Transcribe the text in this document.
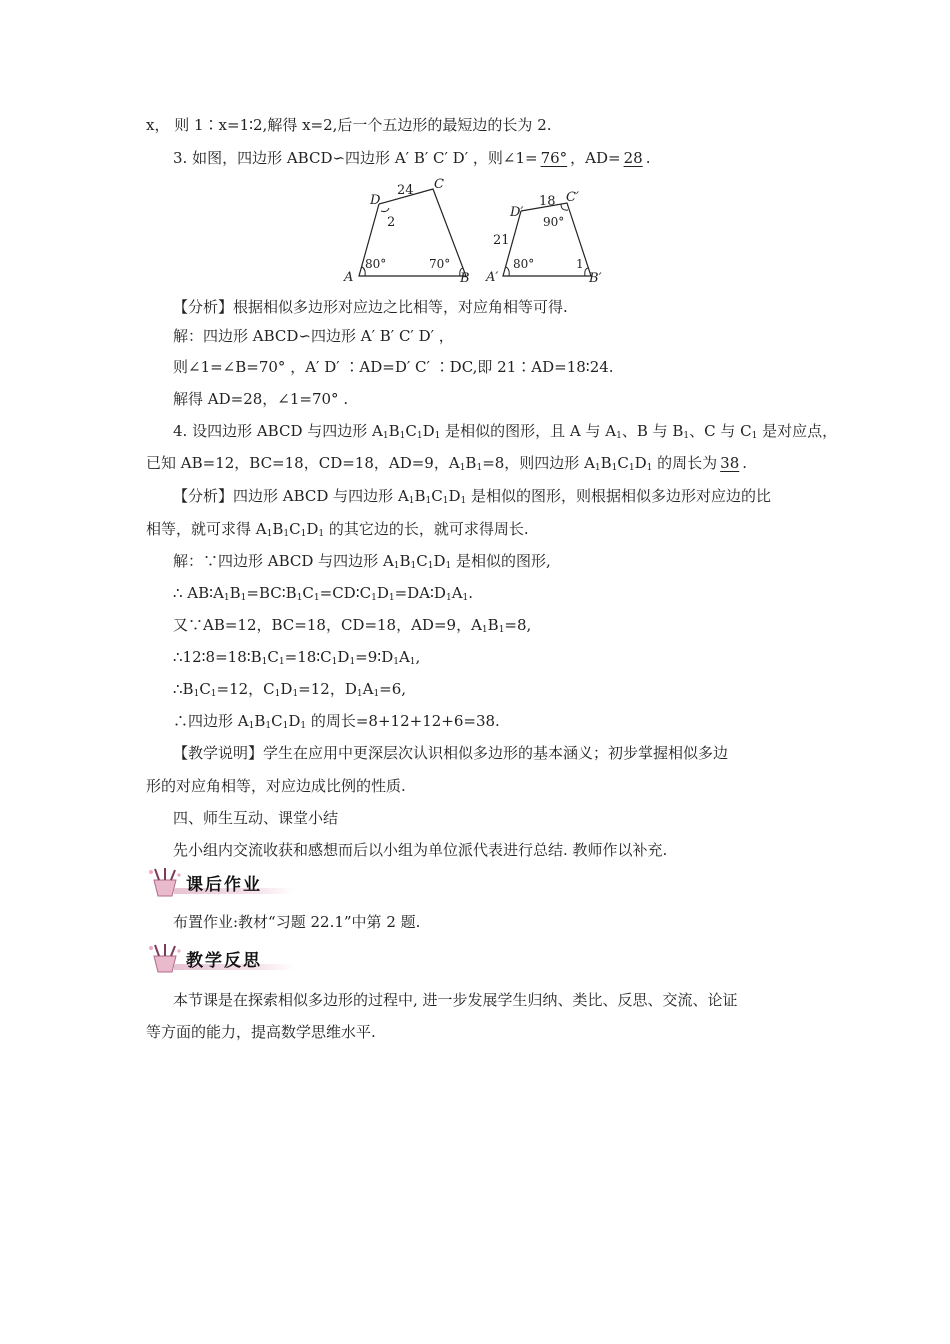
x， 则 1∶x=1∶2,解得 x=2,后一个五边形的最短边的长为 2.
3. 如图，四边形 ABCD∽四边形 A′ B′ C′ D′ ，则∠1= 76° ，AD= 28 .
D
C
A	B
24
2
80°	70°
D′
C′
A′	B′
18
21
90°
80°	1
【分析】根据相似多边形对应边之比相等，对应角相等可得.
解：四边形 ABCD∽四边形 A′ B′ C′ D′ ，
则∠1=∠B=70° ，A′ D′ ∶AD=D′ C′ ∶DC,即 21∶AD=18∶24.
解得 AD=28，∠1=70° .
4. 设四边形 ABCD 与四边形 $A_1B_1C_1D_1$ 是相似的图形，且 A 与 $A_1$、B 与 $B_1$、C 与 $C_1$ 是对应点，
已知 AB=12，BC=18，CD=18，AD=9，$A_1B_1=8$，则四边形 $A_1B_1C_1D_1$ 的周长为 38 .
【分析】四边形 ABCD 与四边形 $A_1B_1C_1D_1$ 是相似的图形，则根据相似多边形对应边的比
相等，就可求得 $A_1B_1C_1D_1$ 的其它边的长，就可求得周长.
解：∵四边形 ABCD 与四边形 $A_1B_1C_1D_1$ 是相似的图形,
∴ $AB∶A_1B_1=BC∶B_1C_1=CD∶C_1D_1=DA∶D_1A_1$.
又∵AB=12，BC=18，CD=18，AD=9，$A_1B_1=8$,
$\therefore 12∶8=18∶B_1C_1=18∶C_1D_1=9∶D_1A_1$,
$\therefore B_1C_1=12$，$C_1D_1=12$，$D_1A_1=6$,
∴四边形 $A_1B_1C_1D_1$ 的周长=8+12+12+6=38.
【教学说明】学生在应用中更深层次认识相似多边形的基本涵义；初步掌握相似多边
形的对应角相等，对应边成比例的性质.
四、师生互动、课堂小结
先小组内交流收获和感想而后以小组为单位派代表进行总结. 教师作以补充.
课后作业
布置作业:教材“习题 22.1”中第 2 题.
教学反思
本节课是在探索相似多边形的过程中, 进一步发展学生归纳、类比、反思、交流、论证
等方面的能力，提高数学思维水平.
